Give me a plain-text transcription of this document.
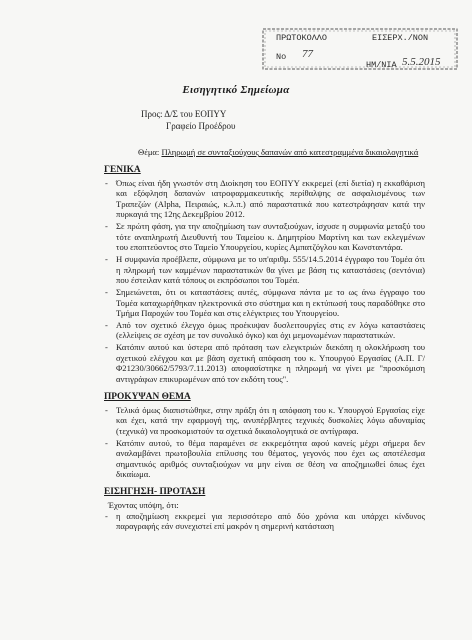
ΠΡΩΤΟΚΟΛΛΟ	ΕΙΣΕΡΧ./ΝΟΝ
Νο 77
ΗΜ/ΝΙΑ 5.5.2015
Εισηγητικό Σημείωμα
Προς: Δ/Σ του ΕΟΠΥΥ
Γραφείο Προέδρου
Θέμα: Πληρωμή σε συνταξιούχους δαπανών από κατεστραμμένα δικαιολογητικά
ΓΕΝΙΚΑ
- Όπως είναι ήδη γνωστόν στη Διοίκηση του ΕΟΠΥΥ εκκρεμεί (επί διετία) η εκκαθάριση και εξόφληση δαπανών ιατροφαρμακευτικής περίθαλψης σε ασφαλισμένους των Τραπεζών (Alpha, Πειραιώς, κ.λ.π.) από παραστατικά που κατεστράφησαν κατά την πυρκαγιά της 12ης Δεκεμβρίου 2012.
- Σε πρώτη φάση, για την αποζημίωση των συνταξιούχων, ίσχυσε η συμφωνία μεταξύ του τότε αναπληρωτή Διευθυντή του Ταμείου κ. Δημητρίου Μαρτίνη και των εκλεγμένων του εποπτεύοντος στο Ταμείο Υπουργείου, κυρίες Αμπατζόγλου και Κωνσταντάρα.
- Η συμφωνία προέβλεπε, σύμφωνα με το υπ'αριθμ. 555/14.5.2014 έγγραφο του Τομέα ότι η πληρωμή των καμμένων παραστατικών θα γίνει με βάση τις καταστάσεις (σεντόνια) που έστειλαν κατά τόπους οι εκπρόσωποι του Τομέα.
- Σημειώνεται, ότι οι καταστάσεις αυτές, σύμφωνα πάντα με το ως άνω έγγραφο του Τομέα καταχωρήθηκαν ηλεκτρονικά στο σύστημα και η εκτύπωσή τους παραδόθηκε στο Τμήμα Παροχών του Τομέα και στις ελέγκτριες του Υπουργείου.
- Από τον σχετικό έλεγχο όμως προέκυψαν δυσλειτουργίες στις εν λόγω καταστάσεις (ελλείψεις σε σχέση με τον συνολικό όγκο) και όχι μεμονωμένων παραστατικών.
- Κατόπιν αυτού και ύστερα από πρόταση των ελεγκτριών διεκόπη η ολοκλήρωση του σχετικού ελέγχου και με βάση σχετική απόφαση του κ. Υπουργού Εργασίας (Α.Π. Γ/Φ21230/30662/5793/7.11.2013) αποφασίστηκε η πληρωμή να γίνει με "προσκόμιση αντιγράφων επικυρωμένων από τον εκδότη τους".
ΠΡΟΚΥΨΑΝ ΘΕΜΑ
- Τελικά όμως διαπιστώθηκε, στην πράξη ότι η απόφαση του κ. Υπουργού Εργασίας είχε και έχει, κατά την εφαρμογή της, ανυπέρβλητες τεχνικές δυσκολίες λόγω αδυναμίας (τεχνικά) να προσκομιστούν τα σχετικά δικαιολογητικά σε αντίγραφα.
- Κατόπιν αυτού, το θέμα παραμένει σε εκκρεμότητα αφού κανείς μέχρι σήμερα δεν αναλαμβάνει πρωτοβουλία επίλυσης του θέματος, γεγονός που έχει ως αποτέλεσμα σημαντικός αριθμός συνταξιούχων να μην είναι σε θέση να αποζημιωθεί όπως έχει δικαίωμα.
ΕΙΣΗΓΗΣΗ- ΠΡΟΤΑΣΗ
Έχοντας υπόψη, ότι:
- η αποζημίωση εκκρεμεί για περισσότερο από δύο χρόνια και υπάρχει κίνδυνος παραγραφής εάν συνεχιστεί επί μακρόν η σημερινή κατάσταση
